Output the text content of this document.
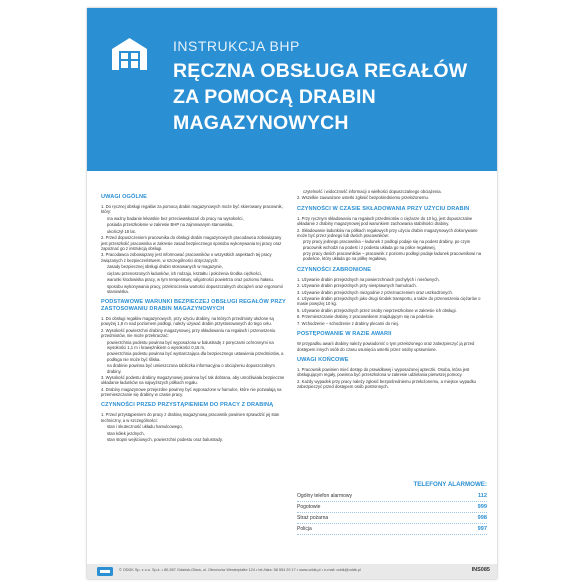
INSTRUKCJA BHP
RĘCZNA OBSŁUGA REGAŁÓW ZA POMOCĄ DRABIN MAGAZYNOWYCH
UWAGI OGÓLNE
1. Do ręcznej obsługi regałów za pomocą drabin magazynowych może być skierowany pracownik, który:
ma ważny badanie lekarskie bez przeciwwskazań do pracy na wysokości,
posiada przeszkolenie w zakresie BHP na zajmowanym stanowisku,
ukończył 18 lat.
2. Przed dopuszczeniem pracownika do obsługi drabin magazynowych pracodawca zobowiązany jest przeszkolić pracownika w zakresie zasad bezpiecznego sposobu wykonywania tej pracy oraz zapoznać go z instrukcją obsługi.
3. Pracodawca zobowiązany jest informować pracowników o wszystkich aspektach tej pracy związanych z bezpieczeństwem, w szczególności dotyczących:
zasady bezpiecznej obsługi drabin stosowanych w magazynie,
ciężaru przenoszonych ładunków, ich rodzaju, kształtu i położenia środka ciężkości,
warunki środowiska pracy, w tym temperatury, wilgotności powietrza oraz poziomu hałasu.
sposobu wykonywania pracy, przekroczenia wartości dopuszczalnych obciążeń oraz ergonomii stanowiska.
PODSTAWOWE WARUNKI BEZPIECZEJ OBSŁUGI REGAŁÓW PRZY ZASTOSOWANIU DRABIN MAGAZYNOWYCH
1. Do obsługi regałów magazynowych, przy użyciu drabiny, na których przedmioty ułożone są powyżej 1,8 m nad poziomem podłogi, należy używać drabin przystosowanych do tego celu.
2. Wysokość powierzchni drabiny magazynowej, przy składowaniu na regałach i przenoszeniu przedmiotów, nie może przekraczać:
powierzchnia podestu powinna być wyposażona w balustradę z poręczami ochronnymi na wysokości 1,1 m i krawężnikiem o wysokości 0,15 m,
powierzchnia podestu powinna być wystarczająca dla bezpiecznego ustawienia przedmiotów, a podłoga nie może być śliska.
na drabinie powinna być umieszczona tabliczka informacyjna o obciążeniu dopuszczalnym drabiny.
3. Wysokość podestu drabiny magazynowej powinna być tak dobrana, aby umożliwiała bezpieczne układanie ładunków na najwyższych półkach regału.
4. Drabiny magazynowe przejezdne powinny być wyposażone w hamulce, które nie pozwalają na przemieszczanie się drabiny w czasie pracy.
CZYNNOŚCI PRZED PRZYSTĄPIENIEM DO PRACY Z DRABINĄ
1. Przed przystąpieniem do pracy z drabiną magazynową pracownik powinien sprawdzić jej stan techniczny, a w szczególności:
stan i skuteczność układu hamulcowego,
stan kółek jezdnych,
stan stopni wejściowych, powierzchni podestu oraz balustrady.
czytelność i widoczność informacji o wielkości dopuszczalnego obciążenia.
2. Wszelkie zauważone usterki zgłosić bezpośredniemu przełożonemu.
CZYNNOŚCI W CZASIE SKŁADOWANIA PRZY UŻYCIU DRABIN
1. Przy ręcznym składowaniu na regałach przedmiotów o ciężarze do 10 kg, jest dopuszczalne układanie z drabiny magazynowej pod warunkiem zachowania stabilności drabiny.
2. Składowanie ładunków na półkach regałowych przy użyciu drabin magazynowych dokonywane może być przez jednego lub dwóch pracowników:
przy pracy jednego pracownika – ładunek z podłogi podaje się na podest drabiny, po czym pracownik wchodzi na podest i z podestu układa go na półce regałowej,
przy pracy dwóch pracowników – pracownik z poziomu podłogi podaje ładunek pracownikowi na podeście, który układa go na półkę regałową.
CZYNNOŚCI ZABRONIONE
1. Używanie drabin przejezdnych na powierzchniach pochyłych i nierównych.
2. Używanie drabin przejezdnych przy niesprawnych hamulcach.
3. Używanie drabin przejezdnych niezgodnie z przeznaczeniem oraz uszkodzonych.
4. Używanie drabin przejezdnych jako drugi środek transportu, a także do przenoszenia ciężarów o masie powyżej 10 kg.
5. Używanie drabin przejezdnych przez osoby nieprzeszkolone w zakresie ich obsługi.
6. Przemieszczanie drabiny z pracownikiem znajdującym się na podeście.
7. Wchodzenie – schodzenie z drabiny plecami do niej.
POSTĘPOWANIE W RAZIE AWARII
W przypadku awarii drabiny należy powiadomić o tym przełożonego oraz zabezpieczyć ją przed dostępem innych osób do czasu usunięcia usterki przez osoby uprawnione.
UWAGI KOŃCOWE
1. Pracownik powinien mieć dostęp do prawidłowej i wyposażonej apteczki. Osoba, która jest obsługującym regały, powinna być przeszkolona w zakresie udzielania pierwszej pomocy.
2. Każdy wypadek przy pracy należy zgłosić bezpośredniemu przełożonemu, a miejsce wypadku zabezpieczyć przed dostępem osób postronnych.
TELEFONY ALARMOWE:
Ogólny telefon alarmowy	112
Pogotowie	999
Straż pożarna	998
Policja	997
© ODDK Sp. z o.o. Sp.k. • 80-557 Gdańsk-Oliwa, ul. Obrońców Westerplatte 124 • tel./faks: 58 554 29 17 • www.oddk.pl • e-mail: oddk@oddk.pl	INS085
